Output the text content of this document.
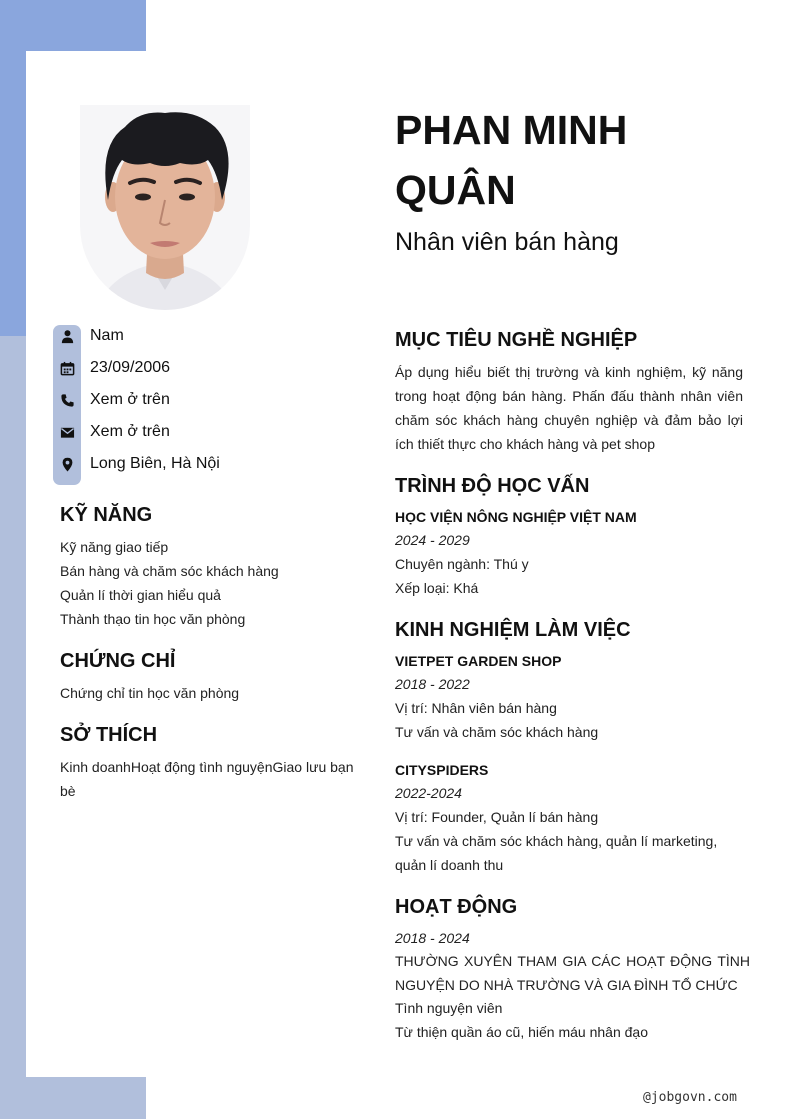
Nam
23/09/2006
Xem ở trên
Xem ở trên
Long Biên, Hà Nội
KỸ NĂNG
Kỹ năng giao tiếp
Bán hàng và chăm sóc khách hàng
Quản lí thời gian hiểu quả
Thành thạo tin học văn phòng
CHỨNG CHỈ
Chứng chỉ tin học văn phòng
SỞ THÍCH
Kinh doanhHoạt động tình nguyệnGiao lưu bạn bè
PHAN MINH QUÂN
Nhân viên bán hàng
MỤC TIÊU NGHỀ NGHIỆP
Áp dụng hiểu biết thị trường và kinh nghiệm, kỹ năng trong hoạt động bán hàng. Phấn đấu thành nhân viên chăm sóc khách hàng chuyên nghiệp và đảm bảo lợi ích thiết thực cho khách hàng và pet shop
TRÌNH ĐỘ HỌC VẤN
HỌC VIỆN NÔNG NGHIỆP VIỆT NAM
2024 - 2029
Chuyên ngành: Thú y
Xếp loại: Khá
KINH NGHIỆM LÀM VIỆC
VIETPET GARDEN SHOP
2018 - 2022
Vị trí: Nhân viên bán hàng
Tư vấn và chăm sóc khách hàng
CITYSPIDERS
2022-2024
Vị trí: Founder, Quản lí bán hàng
Tư vấn và chăm sóc khách hàng, quản lí marketing, quản lí doanh thu
HOẠT ĐỘNG
2018 - 2024
THƯỜNG XUYÊN THAM GIA CÁC HOẠT ĐỘNG TÌNH NGUYỆN DO NHÀ TRƯỜNG VÀ GIA ĐÌNH TỔ CHỨC
Tình nguyện viên
Từ thiện quần áo cũ, hiến máu nhân đạo
@jobgovn.com
